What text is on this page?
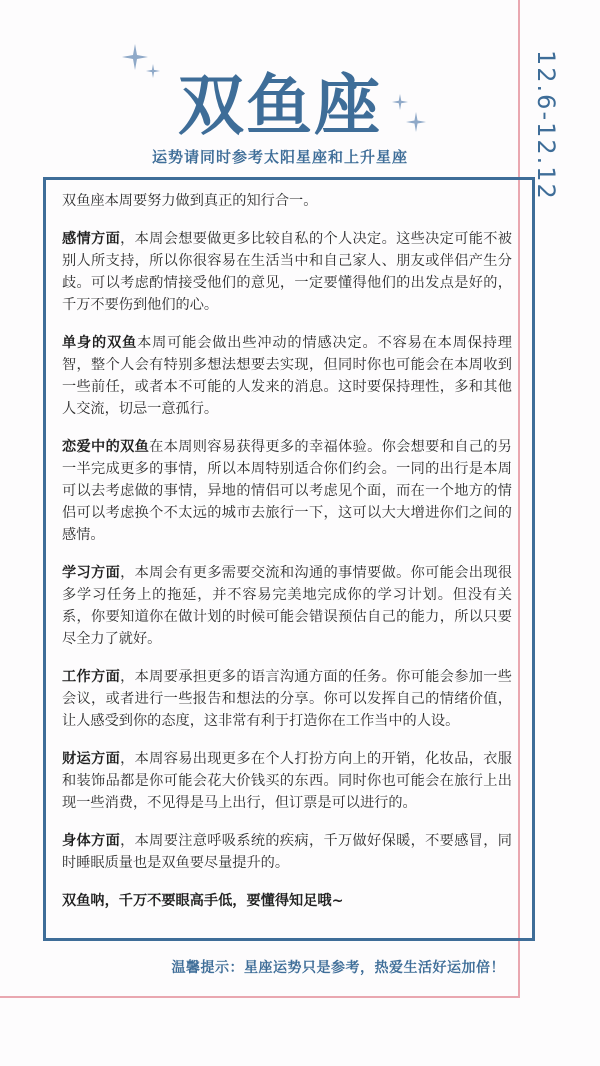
双鱼座
运势请同时参考太阳星座和上升星座	12.6-12.12

双鱼座本周要努力做到真正的知行合一。

感情方面，本周会想要做更多比较自私的个人决定。这些决定可能不被别人所支持，所以你很容易在生活当中和自己家人、朋友或伴侣产生分歧。可以考虑酌情接受他们的意见，一定要懂得他们的出发点是好的，千万不要伤到他们的心。

单身的双鱼本周可能会做出些冲动的情感决定。不容易在本周保持理智，整个人会有特别多想法想要去实现，但同时你也可能会在本周收到一些前任，或者本不可能的人发来的消息。这时要保持理性，多和其他人交流，切忌一意孤行。

恋爱中的双鱼在本周则容易获得更多的幸福体验。你会想要和自己的另一半完成更多的事情，所以本周特别适合你们约会。一同的出行是本周可以去考虑做的事情，异地的情侣可以考虑见个面，而在一个地方的情侣可以考虑换个不太远的城市去旅行一下，这可以大大增进你们之间的感情。

学习方面，本周会有更多需要交流和沟通的事情要做。你可能会出现很多学习任务上的拖延，并不容易完美地完成你的学习计划。但没有关系，你要知道你在做计划的时候可能会错误预估自己的能力，所以只要尽全力了就好。

工作方面，本周要承担更多的语言沟通方面的任务。你可能会参加一些会议，或者进行一些报告和想法的分享。你可以发挥自己的情绪价值，让人感受到你的态度，这非常有利于打造你在工作当中的人设。

财运方面，本周容易出现更多在个人打扮方向上的开销，化妆品，衣服和装饰品都是你可能会花大价钱买的东西。同时你也可能会在旅行上出现一些消费，不见得是马上出行，但订票是可以进行的。

身体方面，本周要注意呼吸系统的疾病，千万做好保暖，不要感冒，同时睡眠质量也是双鱼要尽量提升的。

双鱼呐，千万不要眼高手低，要懂得知足哦~

温馨提示：星座运势只是参考，热爱生活好运加倍！
